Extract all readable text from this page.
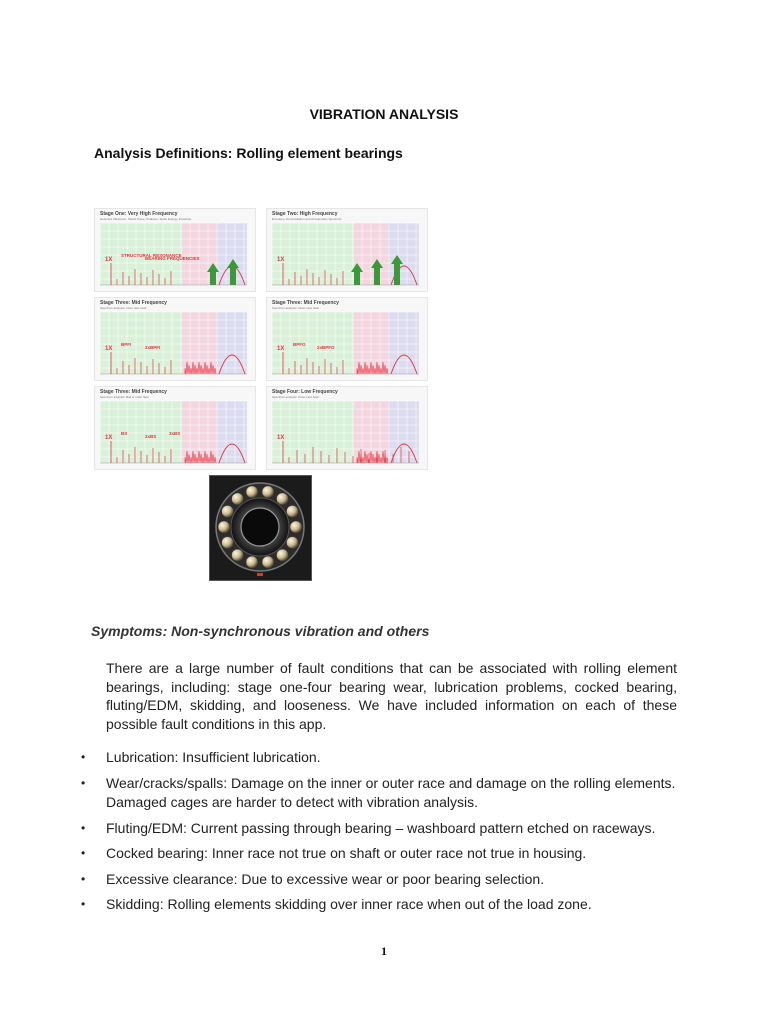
VIBRATION ANALYSIS
Analysis Definitions: Rolling element bearings
1X
STRUCTURAL RESONANCE
BEARING FREQUENCIES
Stage One: Very High Frequency
Detected Ultrasonic, Shock Pulse, Peakvue, Spike Energy, Envelope
1X
Stage Two: High Frequency
Envelope, Demodulation and Acceleration Spectrum
1X
BPFI
2xBPFI
Stage Three: Mid Frequency
Spectrum analysis: Inner race fault
1X
BPFO
2xBPFO
Stage Three: Mid Frequency
Spectrum analysis: Outer race fault
1X
BS
2xBS
3xBS
Stage Three: Mid Frequency
Spectrum analysis: Ball or roller fault
1X
Stage Four: Low Frequency
Spectrum analysis: Outer race fault
Symptoms: Non-synchronous vibration and others
There are a large number of fault conditions that can be associated with rolling element bearings, including: stage one-four bearing wear, lubrication problems, cocked bearing, fluting/EDM, skidding, and looseness. We have included information on each of these possible fault conditions in this app.
• Lubrication: Insufficient lubrication.
• Wear/cracks/spalls: Damage on the inner or outer race and damage on the rolling elements. Damaged cages are harder to detect with vibration analysis.
• Fluting/EDM: Current passing through bearing – washboard pattern etched on raceways.
• Cocked bearing: Inner race not true on shaft or outer race not true in housing.
• Excessive clearance: Due to excessive wear or poor bearing selection.
• Skidding: Rolling elements skidding over inner race when out of the load zone.
1
